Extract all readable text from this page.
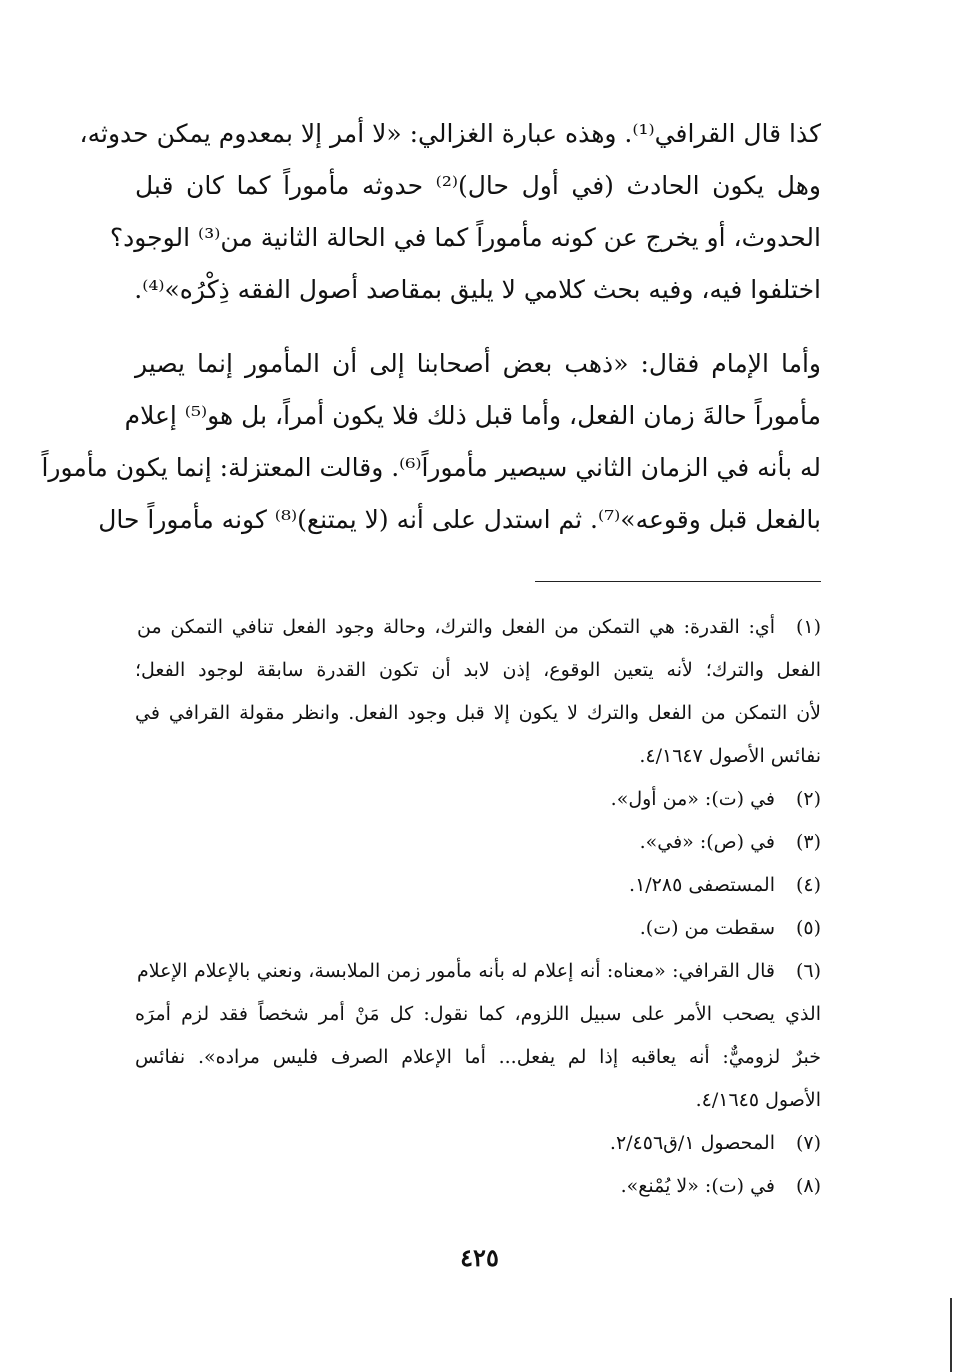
كذا قال القرافي⁽¹⁾. وهذه عبارة الغزالي: «لا أمر إلا بمعدوم يمكن حدوثه،
وهل يكون الحادث (في أول حال)⁽²⁾ حدوثه مأموراً كما كان قبل
الحدوث، أو يخرج عن كونه مأموراً كما في الحالة الثانية من⁽³⁾ الوجود؟
اختلفوا فيه، وفيه بحث كلامي لا يليق بمقاصد أصول الفقه ذِكْرُه»⁽⁴⁾.
وأما الإمام فقال: «ذهب بعض أصحابنا إلى أن المأمور إنما يصير
مأموراً حالةَ زمان الفعل، وأما قبل ذلك فلا يكون أمراً، بل هو⁽⁵⁾ إعلام
له بأنه في الزمان الثاني سيصير مأموراً⁽⁶⁾. وقالت المعتزلة: إنما يكون مأموراً
بالفعل قبل وقوعه»⁽⁷⁾. ثم استدل على أنه (لا يمتنع)⁽⁸⁾ كونه مأموراً حال
(١)أي: القدرة: هي التمكن من الفعل والترك، وحالة وجود الفعل تنافي التمكن من
الفعل والترك؛ لأنه يتعين الوقوع، إذن لابد أن تكون القدرة سابقة لوجود الفعل؛
لأن التمكن من الفعل والترك لا يكون إلا قبل وجود الفعل. وانظر مقولة القرافي في
نفائس الأصول ٤/١٦٤٧.
(٢)في (ت): «من أول».
(٣)في (ص): «في».
(٤)المستصفى ١/٢٨٥.
(٥)سقطت من (ت).
(٦)قال القرافي: «معناه: أنه إعلام له بأنه مأمور زمن الملابسة، ونعني بالإعلام الإعلام
الذي يصحب الأمر على سبيل اللزوم، كما نقول: كل مَنْ أمر شخصاً فقد لزم أمرَه
خبرٌ لزوميٌّ: أنه يعاقبه إذا لم يفعل... أما الإعلام الصرف فليس مراده». نفائس
الأصول ٤/١٦٤٥.
(٧)المحصول ١/ق٢/٤٥٦.
(٨)في (ت): «لا يُمْنع».
٤٢٥
